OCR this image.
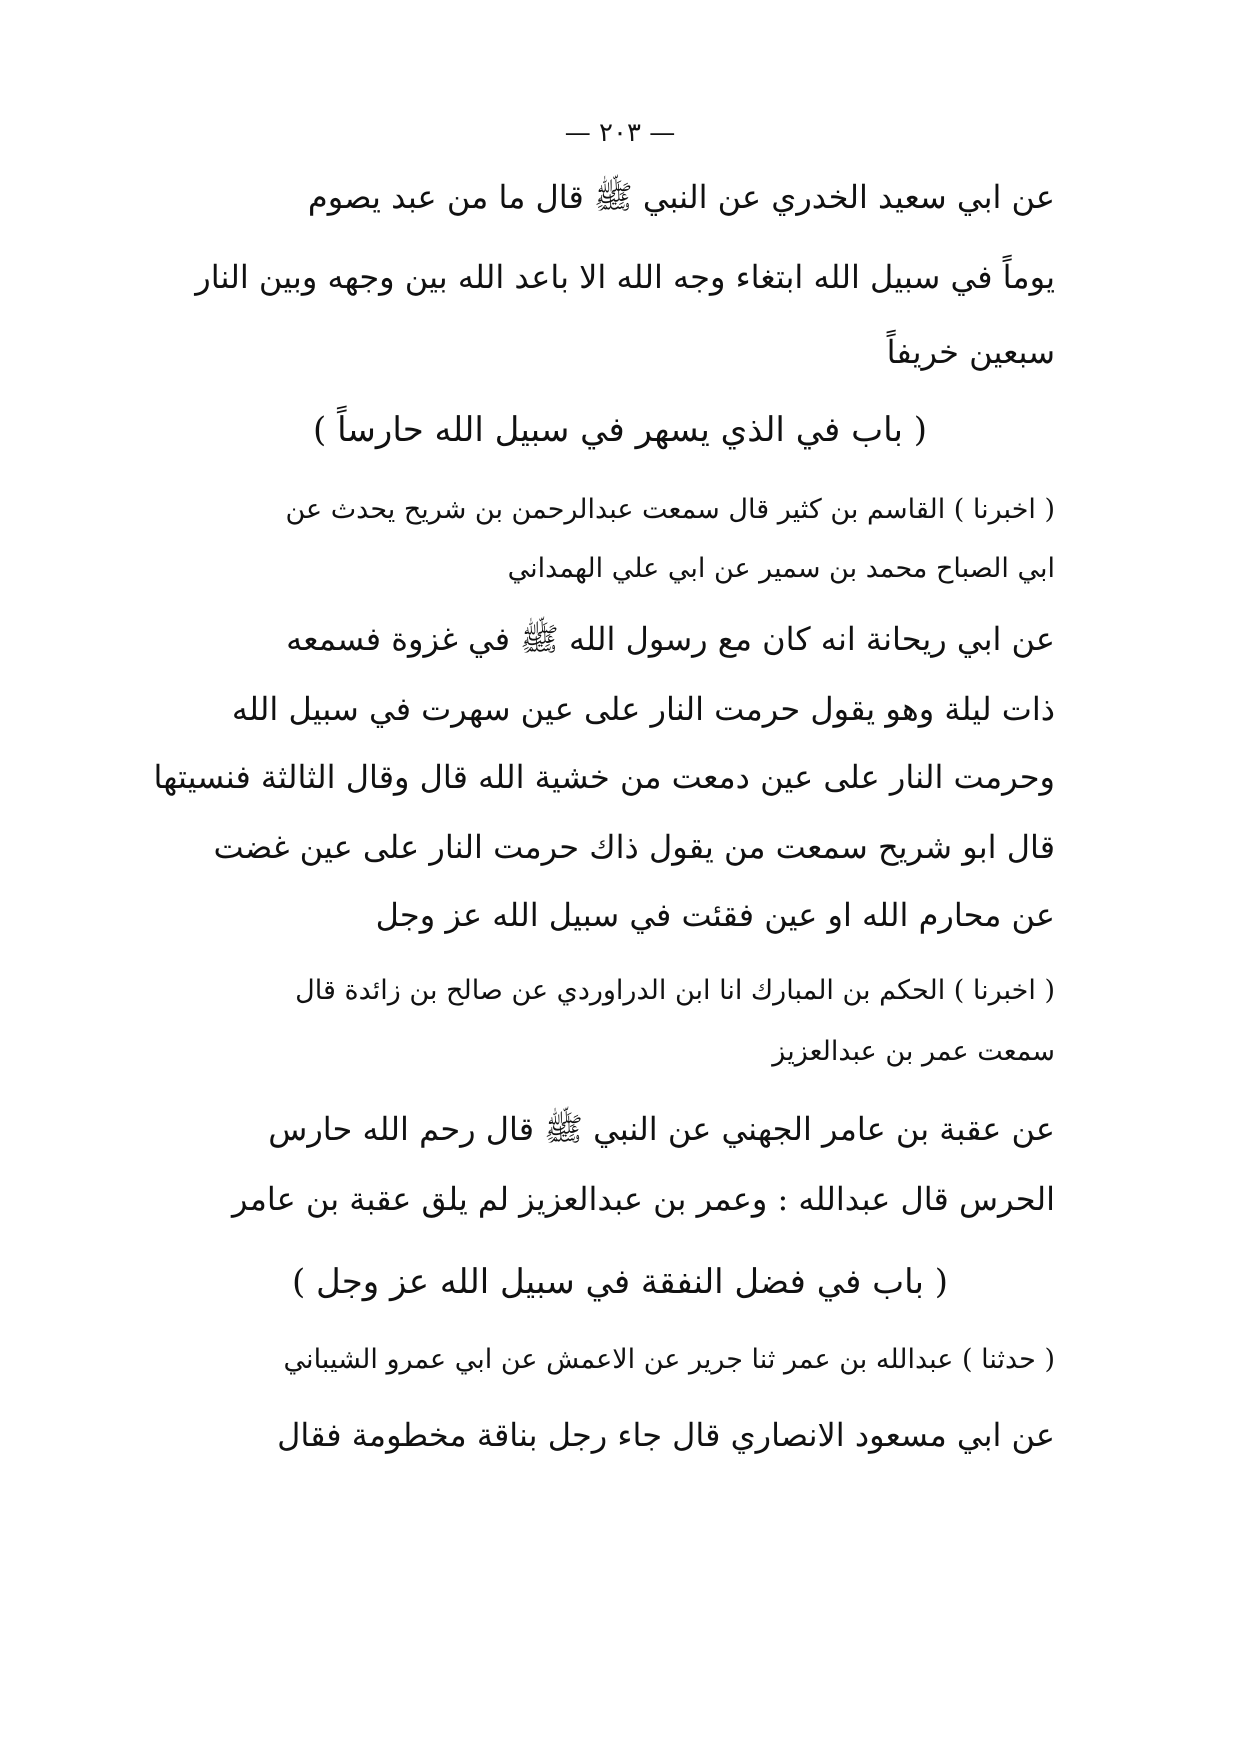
— ٢٠٣ —
عن ابي سعيد الخدري عن النبي ﷺ قال ما من عبد يصوم
يوماً في سبيل الله ابتغاء وجه الله الا باعد الله بين وجهه وبين النار
سبعين خريفاً
( باب في الذي يسهر في سبيل الله حارساً )
( اخبرنا ) القاسم بن كثير قال سمعت عبدالرحمن بن شريح يحدث عن
ابي الصباح محمد بن سمير عن ابي علي الهمداني
عن ابي ريحانة انه كان مع رسول الله ﷺ في غزوة فسمعه
ذات ليلة وهو يقول حرمت النار على عين سهرت في سبيل الله
وحرمت النار على عين دمعت من خشية الله قال وقال الثالثة فنسيتها
قال ابو شريح سمعت من يقول ذاك حرمت النار على عين غضت
عن محارم الله او عين فقئت في سبيل الله عز وجل
( اخبرنا ) الحكم بن المبارك انا ابن الدراوردي عن صالح بن زائدة قال
سمعت عمر بن عبدالعزيز
عن عقبة بن عامر الجهني عن النبي ﷺ قال رحم الله حارس
الحرس قال عبدالله : وعمر بن عبدالعزيز لم يلق عقبة بن عامر
( باب في فضل النفقة في سبيل الله عز وجل )
( حدثنا ) عبدالله بن عمر ثنا جرير عن الاعمش عن ابي عمرو الشيباني
عن ابي مسعود الانصاري قال جاء رجل بناقة مخطومة فقال
